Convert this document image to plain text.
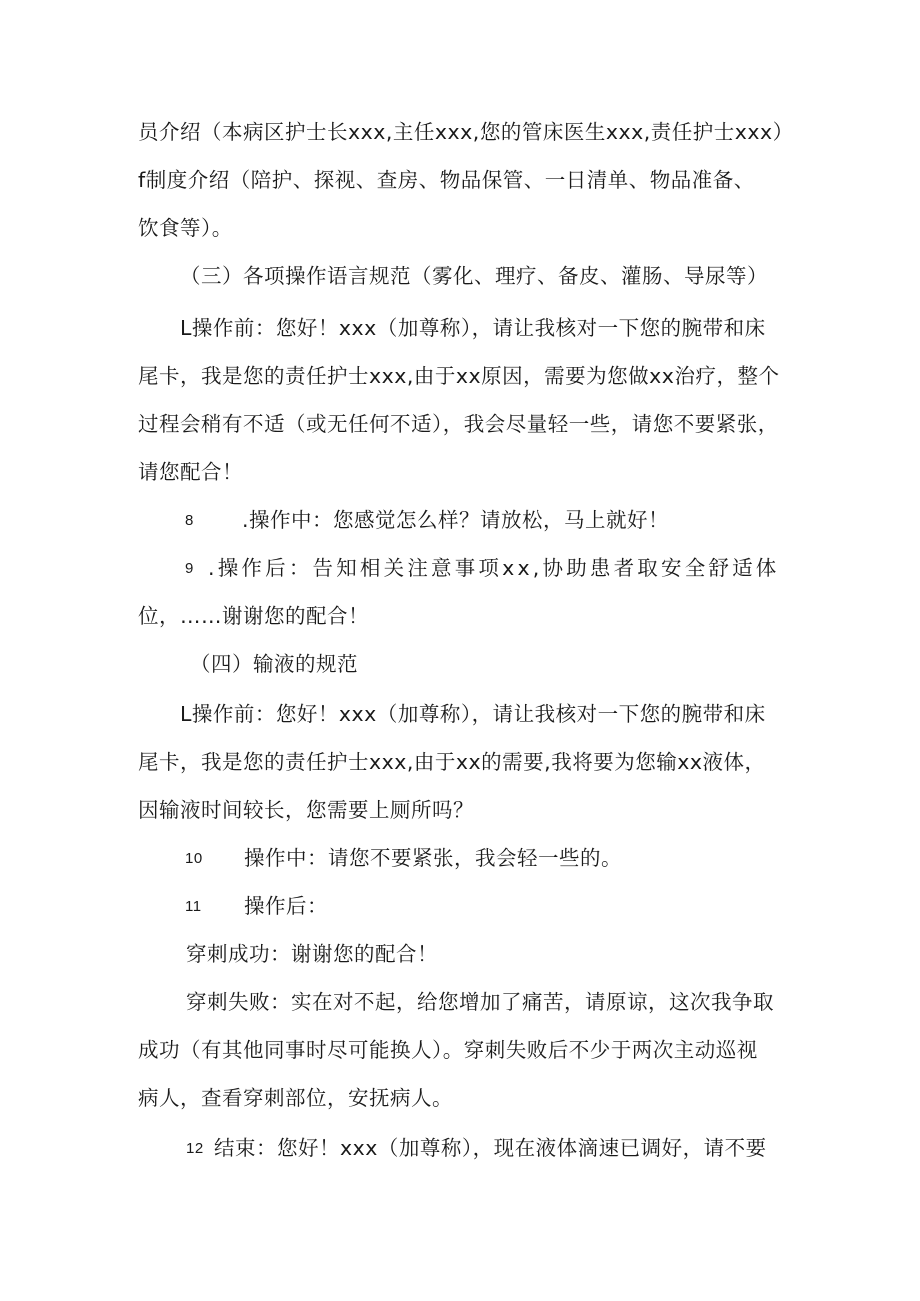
员介绍（本病区护士长xxx,主任xxx,您的管床医生xxx,责任护士xxx）
f制度介绍（陪护、探视、查房、物品保管、一日清单、物品准备、
饮食等）。
（三）各项操作语言规范（雾化、理疗、备皮、灌肠、导尿等）
L操作前：您好！xxx（加尊称），请让我核对一下您的腕带和床
尾卡，我是您的责任护士xxx,由于xx原因，需要为您做xx治疗，整个
过程会稍有不适（或无任何不适），我会尽量轻一些，请您不要紧张，
请您配合！
8 .操作中：您感觉怎么样？请放松，马上就好！
9 .操作后：告知相关注意事项xx,协助患者取安全舒适体
位，……谢谢您的配合！
（四）输液的规范
L操作前：您好！xxx（加尊称），请让我核对一下您的腕带和床
尾卡，我是您的责任护士xxx,由于xx的需要,我将要为您输xx液体，
因输液时间较长，您需要上厕所吗？
10 操作中：请您不要紧张，我会轻一些的。
11 操作后：
穿刺成功：谢谢您的配合！
穿刺失败：实在对不起，给您增加了痛苦，请原谅，这次我争取
成功（有其他同事时尽可能换人）。穿刺失败后不少于两次主动巡视
病人，查看穿刺部位，安抚病人。
12 结束：您好！xxx（加尊称），现在液体滴速已调好，请不要
